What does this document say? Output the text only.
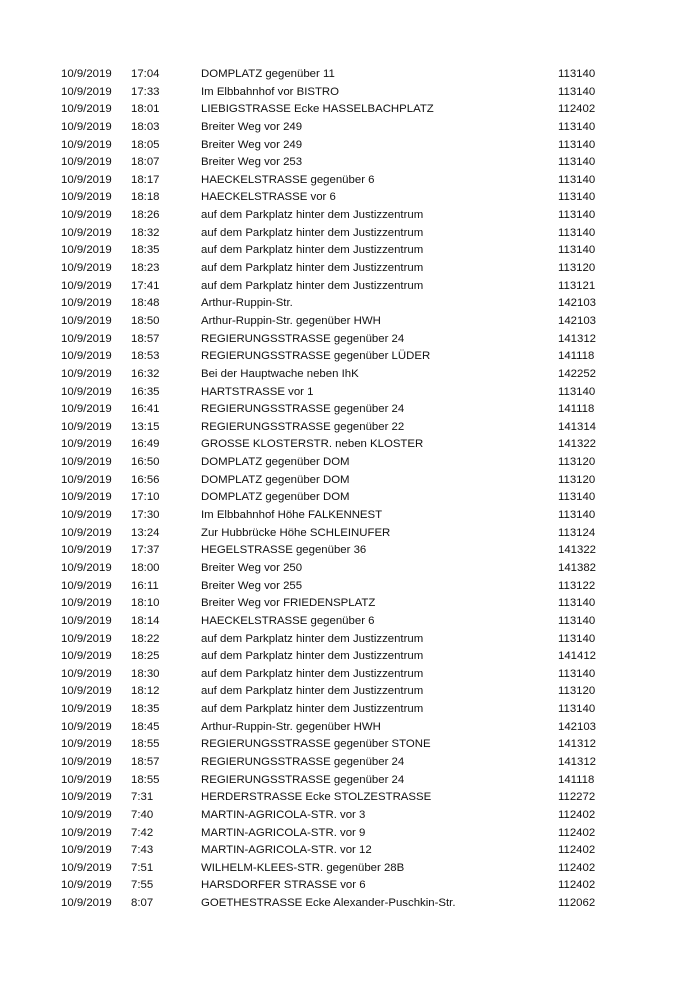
10/9/2019 17:04	DOMPLATZ gegenüber 11	113140
10/9/2019 17:33	Im Elbbahnhof vor BISTRO	113140
10/9/2019 18:01	LIEBIGSTRASSE Ecke HASSELBACHPLATZ	112402
10/9/2019 18:03	Breiter Weg vor 249	113140
10/9/2019 18:05	Breiter Weg vor 249	113140
10/9/2019 18:07	Breiter Weg vor 253	113140
10/9/2019 18:17	HAECKELSTRASSE gegenüber 6	113140
10/9/2019 18:18	HAECKELSTRASSE vor 6	113140
10/9/2019 18:26	auf dem Parkplatz hinter dem Justizzentrum	113140
10/9/2019 18:32	auf dem Parkplatz hinter dem Justizzentrum	113140
10/9/2019 18:35	auf dem Parkplatz hinter dem Justizzentrum	113140
10/9/2019 18:23	auf dem Parkplatz hinter dem Justizzentrum	113120
10/9/2019 17:41	auf dem Parkplatz hinter dem Justizzentrum	113121
10/9/2019 18:48	Arthur-Ruppin-Str.	142103
10/9/2019 18:50	Arthur-Ruppin-Str. gegenüber HWH	142103
10/9/2019 18:57	REGIERUNGSSTRASSE gegenüber 24	141312
10/9/2019 18:53	REGIERUNGSSTRASSE gegenüber LÜDER	141118
10/9/2019 16:32	Bei der Hauptwache neben IhK	142252
10/9/2019 16:35	HARTSTRASSE vor 1	113140
10/9/2019 16:41	REGIERUNGSSTRASSE gegenüber 24	141118
10/9/2019 13:15	REGIERUNGSSTRASSE gegenüber 22	141314
10/9/2019 16:49	GROSSE KLOSTERSTR. neben KLOSTER	141322
10/9/2019 16:50	DOMPLATZ gegenüber DOM	113120
10/9/2019 16:56	DOMPLATZ gegenüber DOM	113120
10/9/2019 17:10	DOMPLATZ gegenüber DOM	113140
10/9/2019 17:30	Im Elbbahnhof Höhe FALKENNEST	113140
10/9/2019 13:24	Zur Hubbrücke Höhe SCHLEINUFER	113124
10/9/2019 17:37	HEGELSTRASSE gegenüber 36	141322
10/9/2019 18:00	Breiter Weg vor 250	141382
10/9/2019 16:11	Breiter Weg vor 255	113122
10/9/2019 18:10	Breiter Weg vor FRIEDENSPLATZ	113140
10/9/2019 18:14	HAECKELSTRASSE gegenüber 6	113140
10/9/2019 18:22	auf dem Parkplatz hinter dem Justizzentrum	113140
10/9/2019 18:25	auf dem Parkplatz hinter dem Justizzentrum	141412
10/9/2019 18:30	auf dem Parkplatz hinter dem Justizzentrum	113140
10/9/2019 18:12	auf dem Parkplatz hinter dem Justizzentrum	113120
10/9/2019 18:35	auf dem Parkplatz hinter dem Justizzentrum	113140
10/9/2019 18:45	Arthur-Ruppin-Str. gegenüber HWH	142103
10/9/2019 18:55	REGIERUNGSSTRASSE gegenüber STONE	141312
10/9/2019 18:57	REGIERUNGSSTRASSE gegenüber 24	141312
10/9/2019 18:55	REGIERUNGSSTRASSE gegenüber 24	141118
10/9/2019 7:31	HERDERSTRASSE Ecke STOLZESTRASSE	112272
10/9/2019 7:40	MARTIN-AGRICOLA-STR. vor 3	112402
10/9/2019 7:42	MARTIN-AGRICOLA-STR. vor 9	112402
10/9/2019 7:43	MARTIN-AGRICOLA-STR. vor 12	112402
10/9/2019 7:51	WILHELM-KLEES-STR. gegenüber 28B	112402
10/9/2019 7:55	HARSDORFER STRASSE vor 6	112402
10/9/2019 8:07	GOETHESTRASSE Ecke Alexander-Puschkin-Str.	112062
